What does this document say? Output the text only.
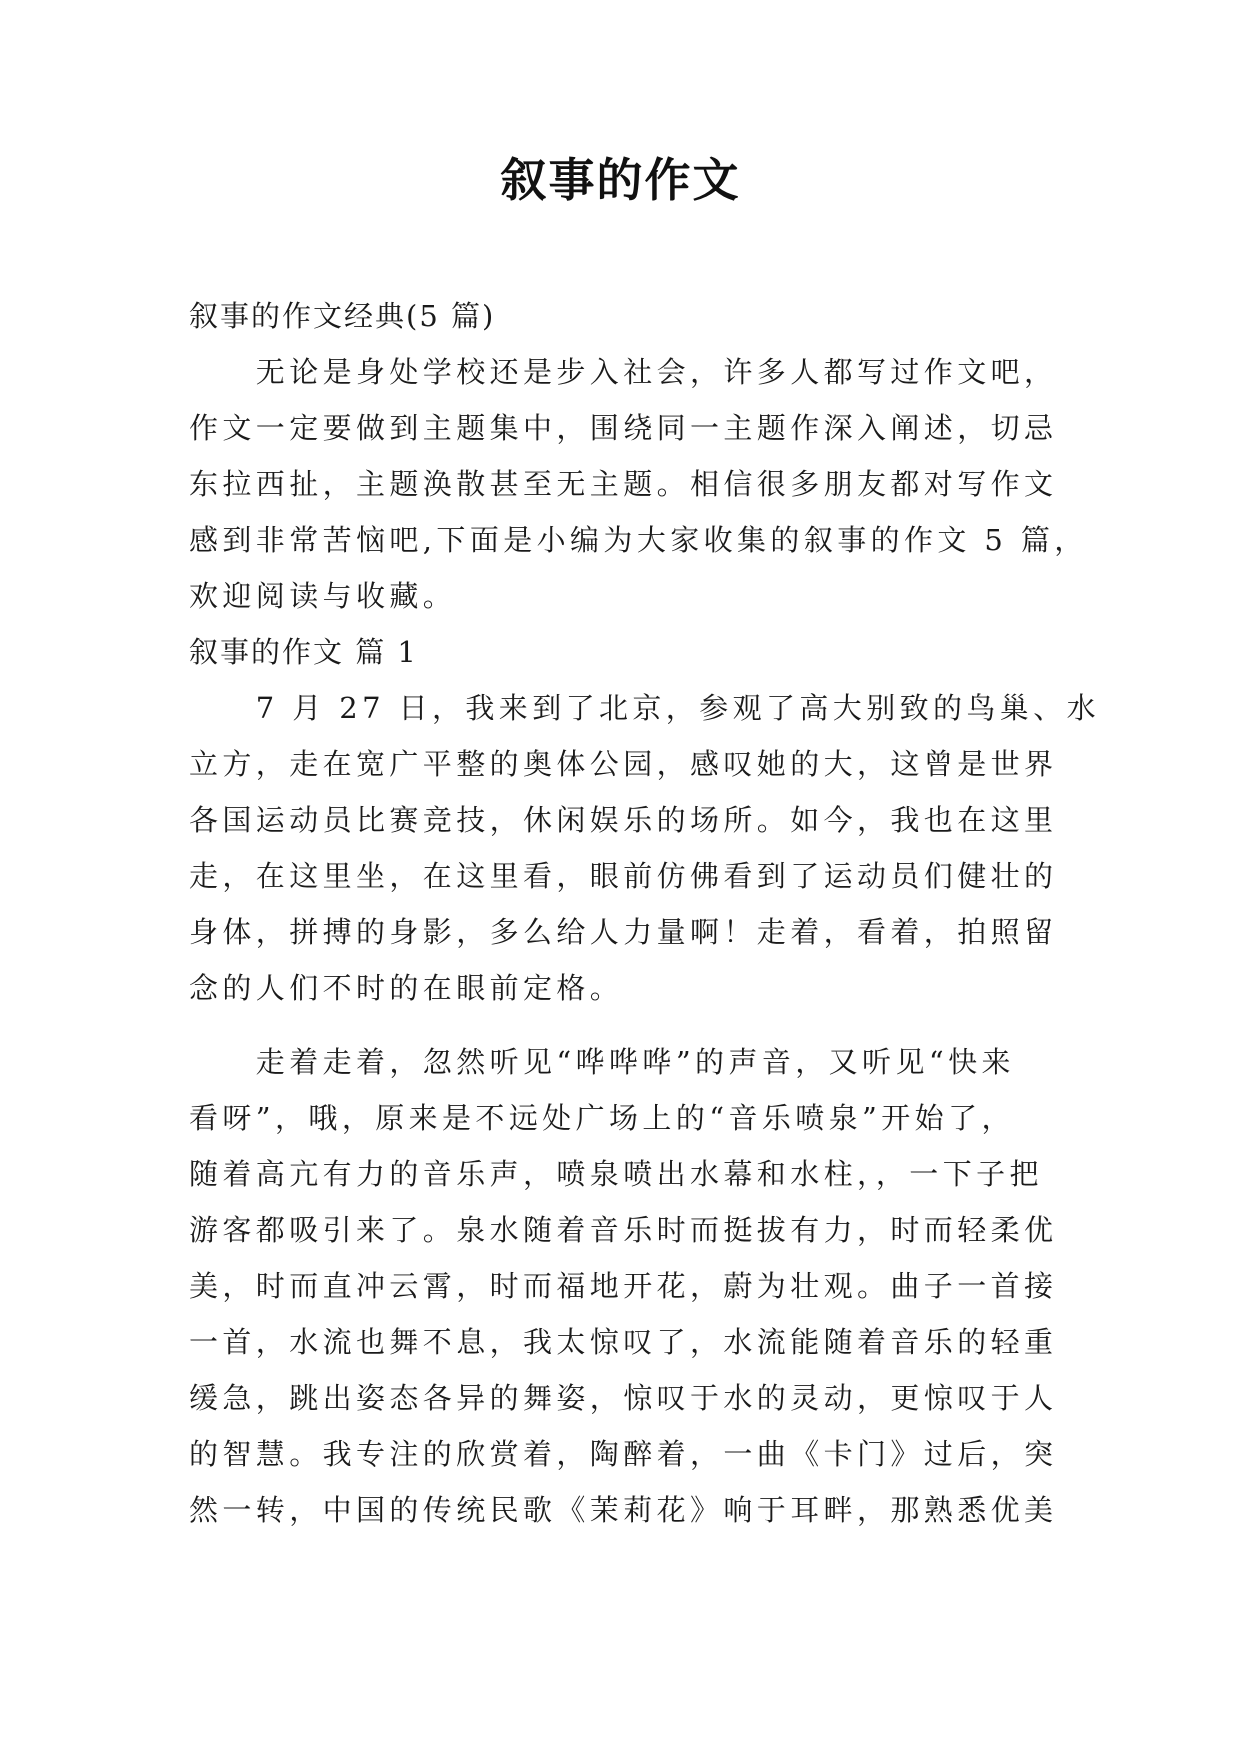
叙事的作文
叙事的作文经典(5 篇)
　　无论是身处学校还是步入社会，许多人都写过作文吧，
作文一定要做到主题集中，围绕同一主题作深入阐述，切忌
东拉西扯，主题涣散甚至无主题。相信很多朋友都对写作文
感到非常苦恼吧,下面是小编为大家收集的叙事的作文 5 篇，
欢迎阅读与收藏。
叙事的作文 篇 1
　　7 月 27 日，我来到了北京，参观了高大别致的鸟巢、水
立方，走在宽广平整的奥体公园，感叹她的大，这曾是世界
各国运动员比赛竞技，休闲娱乐的场所。如今，我也在这里
走，在这里坐，在这里看，眼前仿佛看到了运动员们健壮的
身体，拼搏的身影，多么给人力量啊！走着，看着，拍照留
念的人们不时的在眼前定格。
　　走着走着，忽然听见“哗哗哗”的声音，又听见“快来
看呀”，哦，原来是不远处广场上的“音乐喷泉”开始了，
随着高亢有力的音乐声，喷泉喷出水幕和水柱，，一下子把
游客都吸引来了。泉水随着音乐时而挺拔有力，时而轻柔优
美，时而直冲云霄，时而福地开花，蔚为壮观。曲子一首接
一首，水流也舞不息，我太惊叹了，水流能随着音乐的轻重
缓急，跳出姿态各异的舞姿，惊叹于水的灵动，更惊叹于人
的智慧。我专注的欣赏着，陶醉着，一曲《卡门》过后，突
然一转，中国的传统民歌《茉莉花》响于耳畔，那熟悉优美
